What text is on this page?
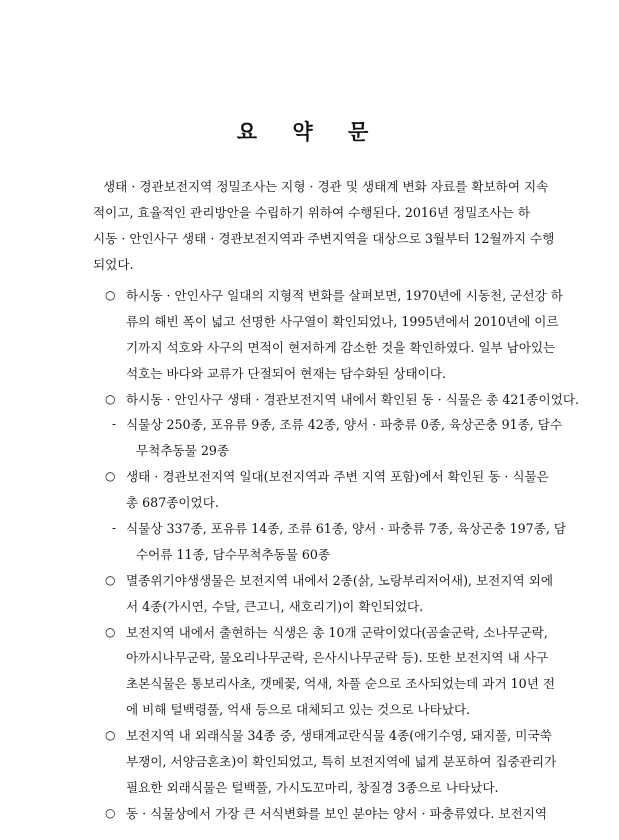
요 약 문
생태 · 경관보전지역 정밀조사는 지형 · 경관 및 생태계 변화 자료를 확보하여 지속
적이고, 효율적인 관리방안을 수립하기 위하여 수행된다. 2016년 정밀조사는 하
시동 · 안인사구 생태 · 경관보전지역과 주변지역을 대상으로 3월부터 12월까지 수행
되었다.
○ 하시동 · 안인사구 일대의 지형적 변화를 살펴보면, 1970년에 시동천, 군선강 하
류의 해빈 폭이 넓고 선명한 사구열이 확인되었나, 1995년에서 2010년에 이르
기까지 석호와 사구의 면적이 현저하게 감소한 것을 확인하였다. 일부 남아있는
석호는 바다와 교류가 단절되어 현재는 담수화된 상태이다.
○ 하시동 · 안인사구 생태 · 경관보전지역 내에서 확인된 동 · 식물은 총 421종이었다.
- 식물상 250종, 포유류 9종, 조류 42종, 양서 · 파충류 0종, 육상곤충 91종, 담수
무척추동물 29종
○ 생태 · 경관보전지역 일대(보전지역과 주변 지역 포함)에서 확인된 동 · 식물은
총 687종이었다.
- 식물상 337종, 포유류 14종, 조류 61종, 양서 · 파충류 7종, 육상곤충 197종, 담
수어류 11종, 담수무척추동물 60종
○ 멸종위기야생생물은 보전지역 내에서 2종(삵, 노랑부리저어새), 보전지역 외에
서 4종(가시연, 수달, 큰고니, 새호리기)이 확인되었다.
○ 보전지역 내에서 출현하는 식생은 총 10개 군락이었다(곰솔군락, 소나무군락,
아까시나무군락, 물오리나무군락, 은사시나무군락 등). 또한 보전지역 내 사구
초본식물은 통보리사초, 갯메꽃, 억새, 차풀 순으로 조사되었는데 과거 10년 전
에 비해 털백령풀, 억새 등으로 대체되고 있는 것으로 나타났다.
○ 보전지역 내 외래식물 34종 중, 생태계교란식물 4종(애기수영, 돼지풀, 미국쑥
부쟁이, 서양금혼초)이 확인되었고, 특히 보전지역에 넓게 분포하여 집중관리가
필요한 외래식물은 털백풀, 가시도꼬마리, 창질경 3종으로 나타났다.
○ 동 · 식물상에서 가장 큰 서식변화를 보인 분야는 양서 · 파충류였다. 보전지역
